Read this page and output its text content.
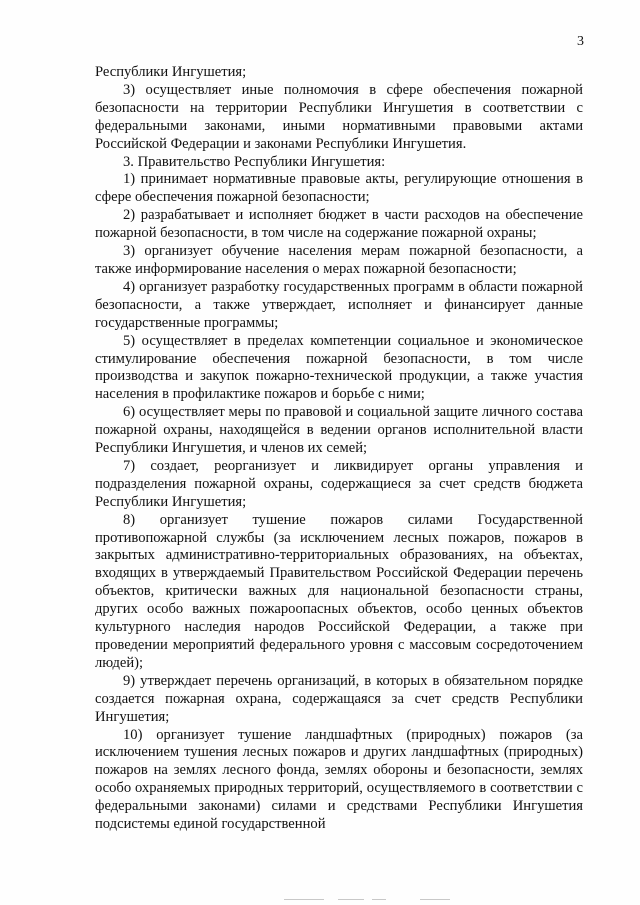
3

Республики Ингушетия;

3) осуществляет иные полномочия в сфере обеспечения пожарной безопасности на территории Республики Ингушетия в соответствии с федеральными законами, иными нормативными правовыми актами Российской Федерации и законами Республики Ингушетия.

3. Правительство Республики Ингушетия:

1) принимает нормативные правовые акты, регулирующие отношения в сфере обеспечения пожарной безопасности;

2) разрабатывает и исполняет бюджет в части расходов на обеспечение пожарной безопасности, в том числе на содержание пожарной охраны;

3) организует обучение населения мерам пожарной безопасности, а также информирование населения о мерах пожарной безопасности;

4) организует разработку государственных программ в области пожарной безопасности, а также утверждает, исполняет и финансирует данные государственные программы;

5) осуществляет в пределах компетенции социальное и экономическое стимулирование обеспечения пожарной безопасности, в том числе производства и закупок пожарно-технической продукции, а также участия населения в профилактике пожаров и борьбе с ними;

6) осуществляет меры по правовой и социальной защите личного состава пожарной охраны, находящейся в ведении органов исполнительной власти Республики Ингушетия, и членов их семей;

7) создает, реорганизует и ликвидирует органы управления и подразделения пожарной охраны, содержащиеся за счет средств бюджета Республики Ингушетия;

8) организует тушение пожаров силами Государственной противопожарной службы (за исключением лесных пожаров, пожаров в закрытых административно-территориальных образованиях, на объектах, входящих в утверждаемый Правительством Российской Федерации перечень объектов, критически важных для национальной безопасности страны, других особо важных пожароопасных объектов, особо ценных объектов культурного наследия народов Российской Федерации, а также при проведении мероприятий федерального уровня с массовым сосредоточением людей);

9) утверждает перечень организаций, в которых в обязательном порядке создается пожарная охрана, содержащаяся за счет средств Республики Ингушетия;

10) организует тушение ландшафтных (природных) пожаров (за исключением тушения лесных пожаров и других ландшафтных (природных) пожаров на землях лесного фонда, землях обороны и безопасности, землях особо охраняемых природных территорий, осуществляемого в соответствии с федеральными законами) силами и средствами Республики Ингушетия подсистемы единой государственной
